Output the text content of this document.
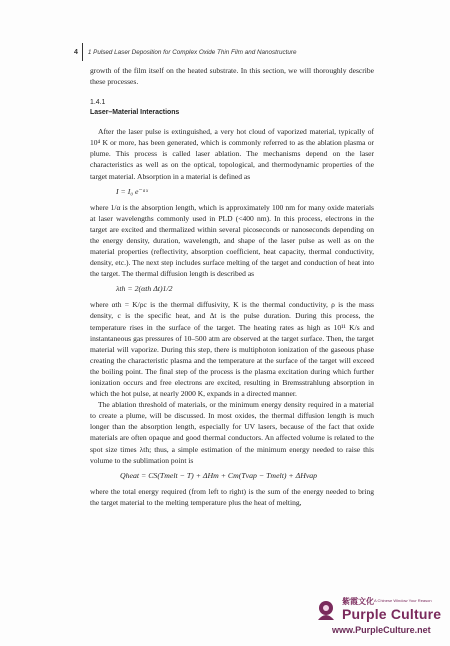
4 1 Pulsed Laser Deposition for Complex Oxide Thin Film and Nanostructure

growth of the film itself on the heated substrate. In this section, we will thoroughly describe these processes.

1.4.1
Laser–Material Interactions

After the laser pulse is extinguished, a very hot cloud of vaporized material, typically of 10⁴ K or more, has been generated, which is commonly referred to as the ablation plasma or plume. This process is called laser ablation. The mechanisms depend on the laser characteristics as well as on the optical, topological, and thermodynamic properties of the target material. Absorption in a material is defined as

I = I₀ e⁻ᵅˣ

where 1/α is the absorption length, which is approximately 100 nm for many oxide materials at laser wavelengths commonly used in PLD (<400 nm). In this process, electrons in the target are excited and thermalized within several picoseconds or nanoseconds depending on the energy density, duration, wavelength, and shape of the laser pulse as well as on the material properties (reflectivity, absorption coefficient, heat capacity, thermal conductivity, density, etc.). The next step includes surface melting of the target and conduction of heat into the target. The thermal diffusion length is described as

λth = 2(αth Δt)1/2

where αth = K/ρc is the thermal diffusivity, K is the thermal conductivity, ρ is the mass density, c is the specific heat, and Δt is the pulse duration. During this process, the temperature rises in the surface of the target. The heating rates as high as 10¹¹ K/s and instantaneous gas pressures of 10–500 atm are observed at the target surface. Then, the target material will vaporize. During this step, there is multiphoton ionization of the gaseous phase creating the characteristic plasma and the temperature at the surface of the target will exceed the boiling point. The final step of the process is the plasma excitation during which further ionization occurs and free electrons are excited, resulting in Bremsstrahlung absorption in which the hot pulse, at nearly 2000 K, expands in a directed manner.

The ablation threshold of materials, or the minimum energy density required in a material to create a plume, will be discussed. In most oxides, the thermal diffusion length is much longer than the absorption length, especially for UV lasers, because of the fact that oxide materials are often opaque and good thermal conductors. An affected volume is related to the spot size times λth; thus, a simple estimation of the minimum energy needed to raise this volume to the sublimation point is

Qheat = CS(Tmelt − T) + ΔHm + Cm(Tvap − Tmelt) + ΔHvap

where the total energy required (from left to right) is the sum of the energy needed to bring the target material to the melting temperature plus the heat of melting,

紫霞文化 A Chinese Window Your Reason
Purple Culture
www.PurpleCulture.net
